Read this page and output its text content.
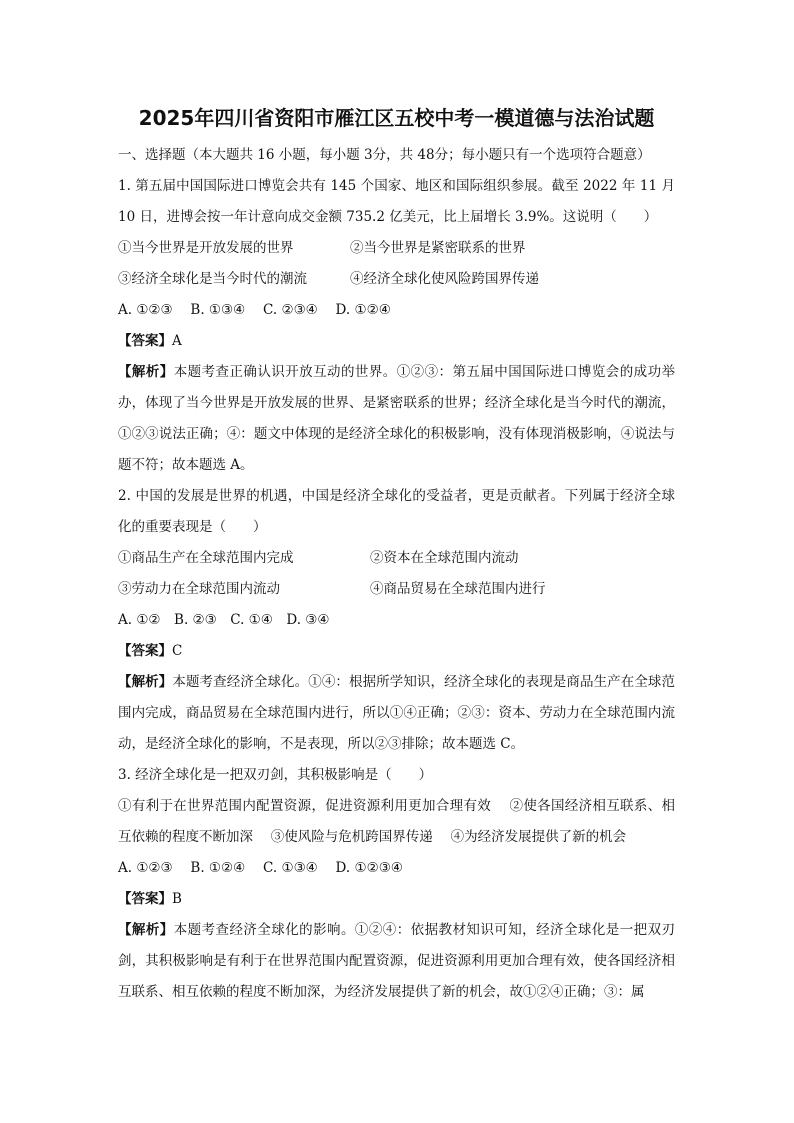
2025年四川省资阳市雁江区五校中考一模道德与法治试题
一、选择题（本大题共 16 小题，每小题 3分，共 48分；每小题只有一个选项符合题意）
1. 第五届中国国际进口博览会共有 145 个国家、地区和国际组织参展。截至 2022 年 11 月 10 日，进博会按一年计意向成交金额 735.2 亿美元，比上届增长 3.9%。这说明（　　）
①当今世界是开放发展的世界	②当今世界是紧密联系的世界
③经济全球化是当今时代的潮流	④经济全球化使风险跨国界传递
A. ①②③　 B. ①③④　 C. ②③④　 D. ①②④
【答案】A
【解析】本题考查正确认识开放互动的世界。①②③：第五届中国国际进口博览会的成功举办，体现了当今世界是开放发展的世界、是紧密联系的世界；经济全球化是当今时代的潮流，①②③说法正确；④：题文中体现的是经济全球化的积极影响，没有体现消极影响，④说法与题不符；故本题选 A。
2. 中国的发展是世界的机遇，中国是经济全球化的受益者，更是贡献者。下列属于经济全球化的重要表现是（　　）
①商品生产在全球范围内完成	②资本在全球范围内流动
③劳动力在全球范围内流动	④商品贸易在全球范围内进行
A. ①②　B. ②③　C. ①④　D. ③④
【答案】C
【解析】本题考查经济全球化。①④：根据所学知识，经济全球化的表现是商品生产在全球范围内完成，商品贸易在全球范围内进行，所以①④正确；②③：资本、劳动力在全球范围内流动，是经济全球化的影响，不是表现，所以②③排除；故本题选 C。
3. 经济全球化是一把双刃剑，其积极影响是（　　）
①有利于在世界范围内配置资源，促进资源利用更加合理有效　 ②使各国经济相互联系、相互依赖的程度不断加深　 ③使风险与危机跨国界传递　 ④为经济发展提供了新的机会
A. ①②③　 B. ①②④　 C. ①③④　 D. ①②③④
【答案】B
【解析】本题考查经济全球化的影响。①②④：依据教材知识可知，经济全球化是一把双刃剑，其积极影响是有利于在世界范围内配置资源，促进资源利用更加合理有效，使各国经济相互联系、相互依赖的程度不断加深，为经济发展提供了新的机会，故①②④正确；③：属
